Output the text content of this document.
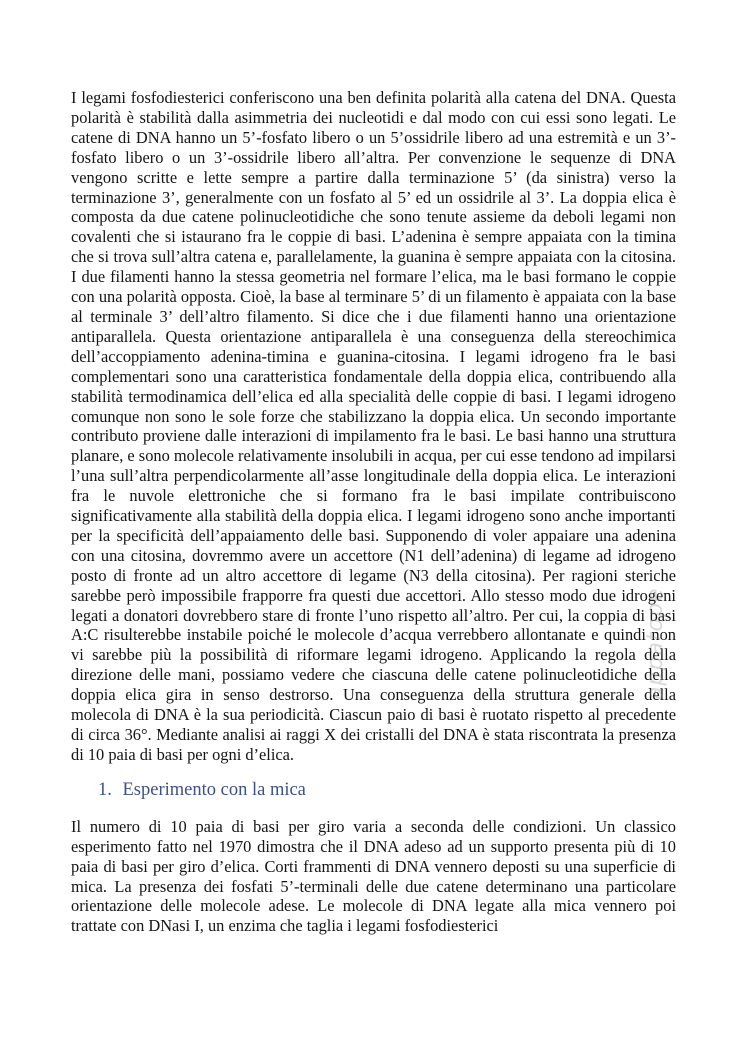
I legami fosfodiesterici conferiscono una ben definita polarità alla catena del DNA. Questa polarità è stabilità dalla asimmetria dei nucleotidi e dal modo con cui essi sono legati. Le catene di DNA hanno un 5’-fosfato libero o un 5’ossidrile libero ad una estremità e un 3’-fosfato libero o un 3’-ossidrile libero all’altra. Per convenzione le sequenze di DNA vengono scritte e lette sempre a partire dalla terminazione 5’ (da sinistra) verso la terminazione 3’, generalmente con un fosfato al 5’ ed un ossidrile al 3’. La doppia elica è composta da due catene polinucleotidiche che sono tenute assieme da deboli legami non covalenti che si istaurano fra le coppie di basi. L’adenina è sempre appaiata con la timina che si trova sull’altra catena e, parallelamente, la guanina è sempre appaiata con la citosina. I due filamenti hanno la stessa geometria nel formare l’elica, ma le basi formano le coppie con una polarità opposta. Cioè, la base al terminare 5’ di un filamento è appaiata con la base al terminale 3’ dell’altro filamento. Si dice che i due filamenti hanno una orientazione antiparallela. Questa orientazione antiparallela è una conseguenza della stereochimica dell’accoppiamento adenina-timina e guanina-citosina. I legami idrogeno fra le basi complementari sono una caratteristica fondamentale della doppia elica, contribuendo alla stabilità termodinamica dell’elica ed alla specialità delle coppie di basi. I legami idrogeno comunque non sono le sole forze che stabilizzano la doppia elica. Un secondo importante contributo proviene dalle interazioni di impilamento fra le basi. Le basi hanno una struttura planare, e sono molecole relativamente insolubili in acqua, per cui esse tendono ad impilarsi l’una sull’altra perpendicolarmente all’asse longitudinale della doppia elica. Le interazioni fra le nuvole elettroniche che si formano fra le basi impilate contribuiscono significativamente alla stabilità della doppia elica. I legami idrogeno sono anche importanti per la specificità dell’appaiamento delle basi. Supponendo di voler appaiare una adenina con una citosina, dovremmo avere un accettore (N1 dell’adenina) di legame ad idrogeno posto di fronte ad un altro accettore di legame (N3 della citosina). Per ragioni steriche sarebbe però impossibile frapporre fra questi due accettori. Allo stesso modo due idrogeni legati a donatori dovrebbero stare di fronte l’uno rispetto all’altro. Per cui, la coppia di basi A:C risulterebbe instabile poiché le molecole d’acqua verrebbero allontanate e quindi non vi sarebbe più la possibilità di riformare legami idrogeno. Applicando la regola della direzione delle mani, possiamo vedere che ciascuna delle catene polinucleotidiche della doppia elica gira in senso destrorso. Una conseguenza della struttura generale della molecola di DNA è la sua periodicità. Ciascun paio di basi è ruotato rispetto al precedente di circa 36°. Mediante analisi ai raggi X dei cristalli del DNA è stata riscontrata la presenza di 10 paia di basi per ogni d’elica.

1. Esperimento con la mica

Il numero di 10 paia di basi per giro varia a seconda delle condizioni. Un classico esperimento fatto nel 1970 dimostra che il DNA adeso ad un supporto presenta più di 10 paia di basi per giro d’elica. Corti frammenti di DNA vennero deposti su una superficie di mica. La presenza dei fosfati 5’-terminali delle due catene determinano una particolare orientazione delle molecole adese. Le molecole di DNA legate alla mica vennero poi trattate con DNasi I, un enzima che taglia i legami fosfodiesterici

appatope
